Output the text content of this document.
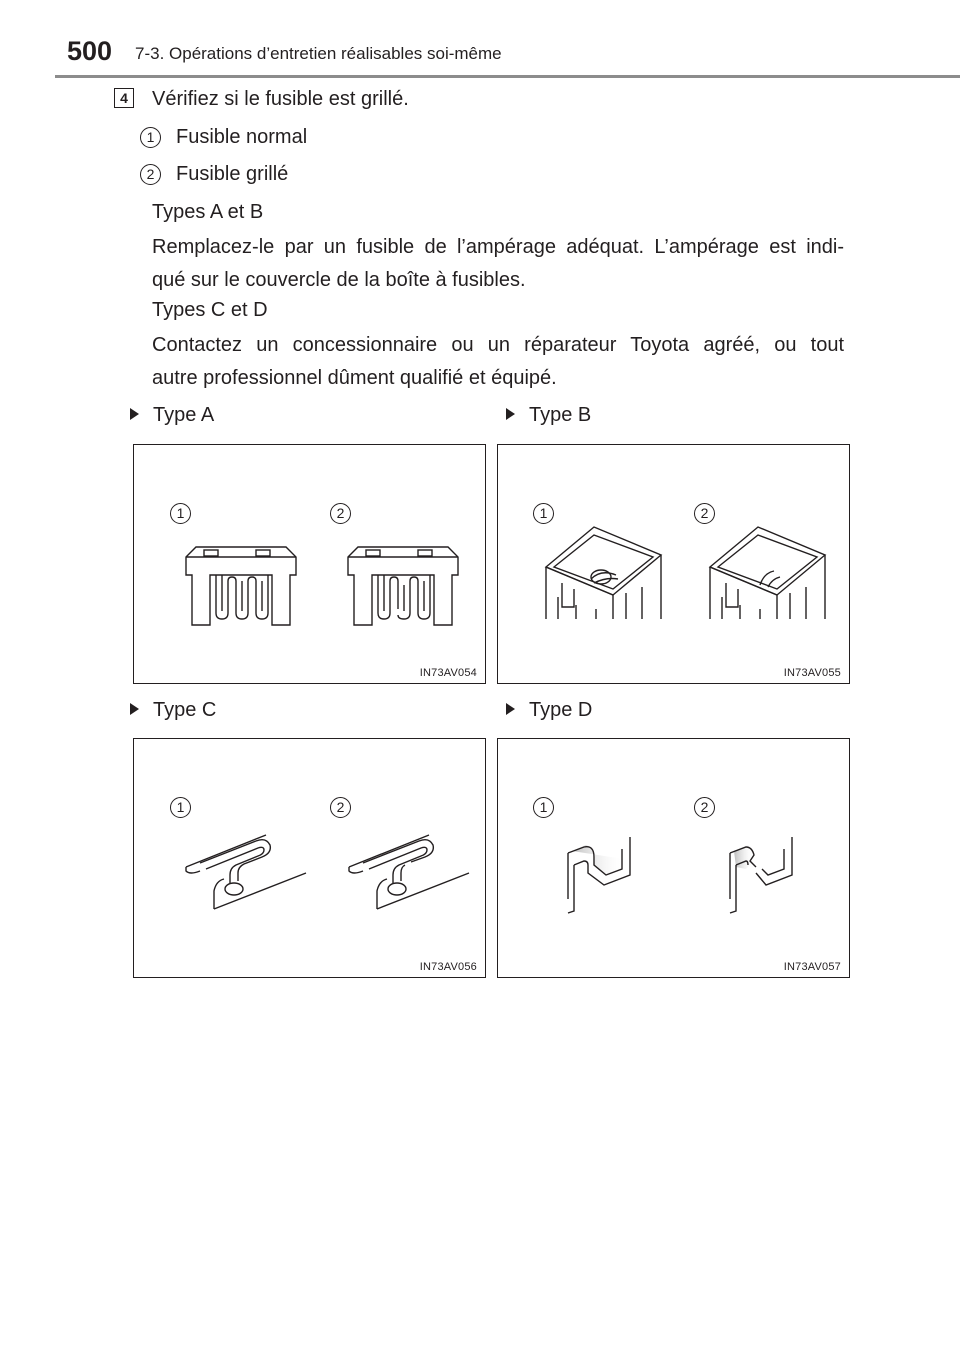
500 7-3. Opérations d’entretien réalisables soi-même
4	Vérifiez si le fusible est grillé.
1	Fusible normal
2	Fusible grillé
Types A et B
Remplacez-le par un fusible de l’ampérage adéquat. L’ampérage est indi-
qué sur le couvercle de la boîte à fusibles.
Types C et D
Contactez un concessionnaire ou un réparateur Toyota agréé, ou tout
autre professionnel dûment qualifié et équipé.
Type A	Type B
Type C	Type D
1	2
IN73AV054
1	2
IN73AV055
1	2
IN73AV056
1	2
IN73AV057
